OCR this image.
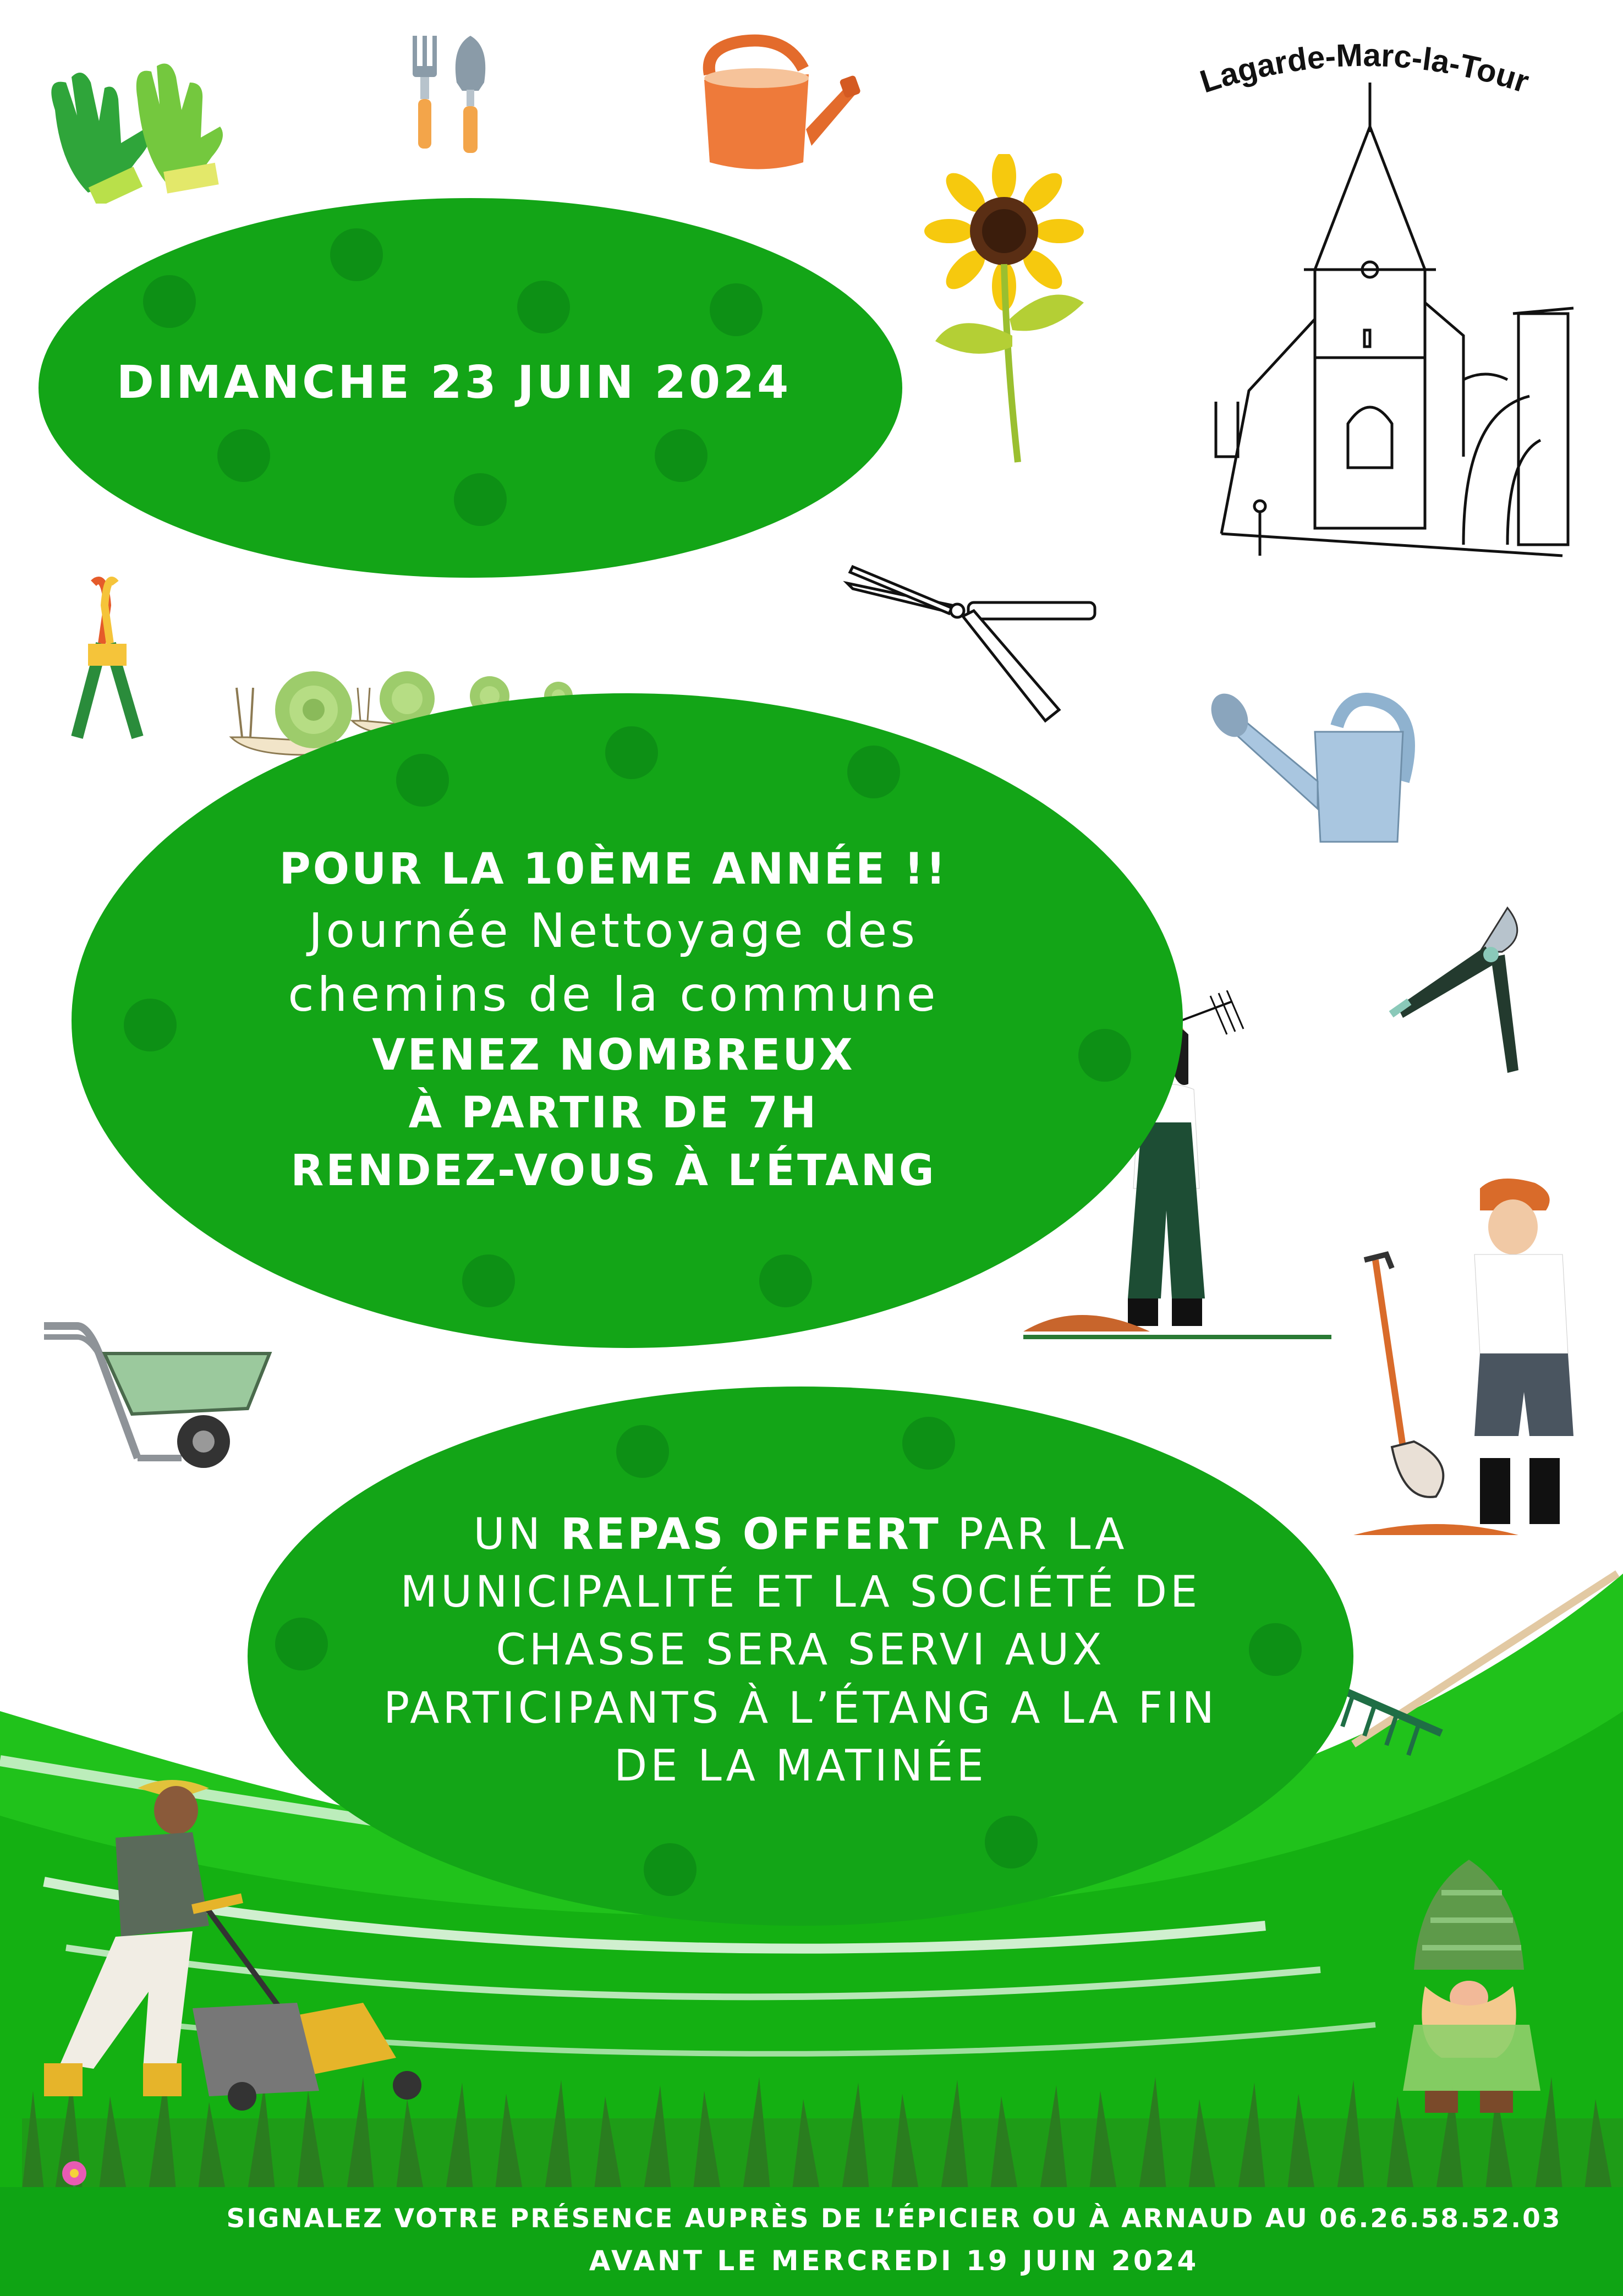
Lagarde-Marc-la-Tour
DIMANCHE 23 JUIN 2024
POUR LA 10ÈME ANNÉE !!
Journée Nettoyage des
chemins de la commune
VENEZ NOMBREUX
À PARTIR DE 7H
RENDEZ-VOUS À L’ÉTANG
UN REPAS OFFERT PAR LA
MUNICIPALITÉ ET LA SOCIÉTÉ DE
CHASSE SERA SERVI AUX
PARTICIPANTS À L’ÉTANG A LA FIN
DE LA MATINÉE
SIGNALEZ VOTRE PRÉSENCE AUPRÈS DE L’ÉPICIER OU À ARNAUD AU 06.26.58.52.03
AVANT LE MERCREDI 19 JUIN 2024
